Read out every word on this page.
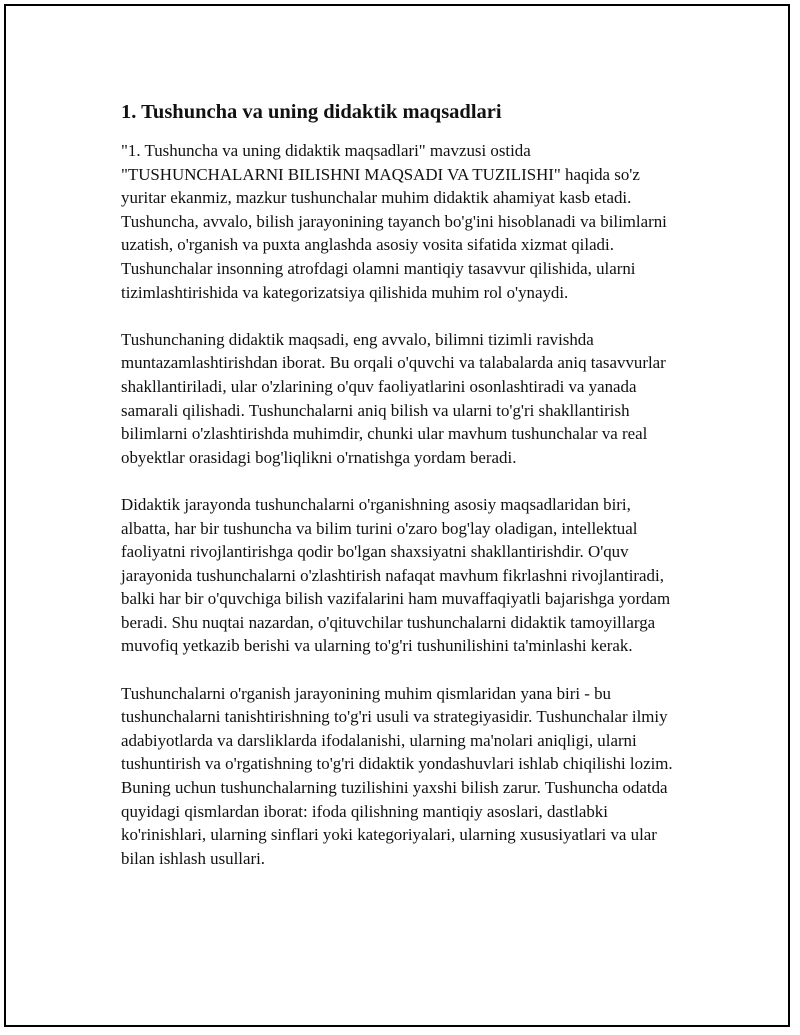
1. Tushuncha va uning didaktik maqsadlari

"1. Tushuncha va uning didaktik maqsadlari" mavzusi ostida "TUSHUNCHALARNI BILISHNI MAQSADI VA TUZILISHI" haqida so'z yuritar ekanmiz, mazkur tushunchalar muhim didaktik ahamiyat kasb etadi. Tushuncha, avvalo, bilish jarayonining tayanch bo'g'ini hisoblanadi va bilimlarni uzatish, o'rganish va puxta anglashda asosiy vosita sifatida xizmat qiladi. Tushunchalar insonning atrofdagi olamni mantiqiy tasavvur qilishida, ularni tizimlashtirishida va kategorizatsiya qilishida muhim rol o'ynaydi.

Tushunchaning didaktik maqsadi, eng avvalo, bilimni tizimli ravishda muntazamlashtirishdan iborat. Bu orqali o'quvchi va talabalarda aniq tasavvurlar shakllantiriladi, ular o'zlarining o'quv faoliyatlarini osonlashtiradi va yanada samarali qilishadi. Tushunchalarni aniq bilish va ularni to'g'ri shakllantirish bilimlarni o'zlashtirishda muhimdir, chunki ular mavhum tushunchalar va real obyektlar orasidagi bog'liqlikni o'rnatishga yordam beradi.

Didaktik jarayonda tushunchalarni o'rganishning asosiy maqsadlaridan biri, albatta, har bir tushuncha va bilim turini o'zaro bog'lay oladigan, intellektual faoliyatni rivojlantirishga qodir bo'lgan shaxsiyatni shakllantirishdir. O'quv jarayonida tushunchalarni o'zlashtirish nafaqat mavhum fikrlashni rivojlantiradi, balki har bir o'quvchiga bilish vazifalarini ham muvaffaqiyatli bajarishga yordam beradi. Shu nuqtai nazardan, o'qituvchilar tushunchalarni didaktik tamoyillarga muvofiq yetkazib berishi va ularning to'g'ri tushunilishini ta'minlashi kerak.

Tushunchalarni o'rganish jarayonining muhim qismlaridan yana biri - bu tushunchalarni tanishtirishning to'g'ri usuli va strategiyasidir. Tushunchalar ilmiy adabiyotlarda va darsliklarda ifodalanishi, ularning ma'nolari aniqligi, ularni tushuntirish va o'rgatishning to'g'ri didaktik yondashuvlari ishlab chiqilishi lozim. Buning uchun tushunchalarning tuzilishini yaxshi bilish zarur. Tushuncha odatda quyidagi qismlardan iborat: ifoda qilishning mantiqiy asoslari, dastlabki ko'rinishlari, ularning sinflari yoki kategoriyalari, ularning xususiyatlari va ular bilan ishlash usullari.
